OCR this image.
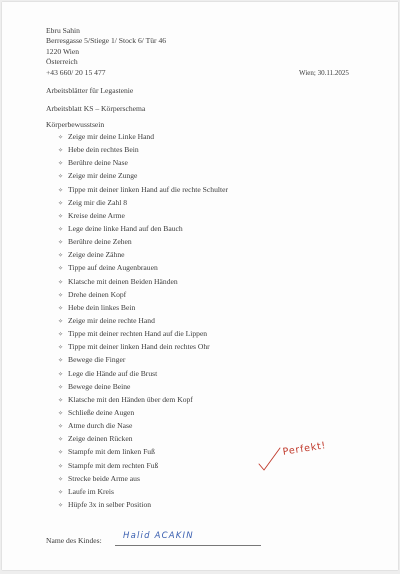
Ebru Sahin
Berresgasse 5/Stiege 1/ Stock 6/ Tür 46
1220 Wien
Österreich
+43 660/ 20 15 477	Wien; 30.11.2025
Arbeitsblätter für Legastenie
Arbeitsblatt KS – Körperschema
Körperbewusstsein
✧ Zeige mir deine Linke Hand
✧ Hebe dein rechtes Bein
✧ Berühre deine Nase
✧ Zeige mir deine Zunge
✧ Tippe mit deiner linken Hand auf die rechte Schulter
✧ Zeig mir die Zahl 8
✧ Kreise deine Arme
✧ Lege deine linke Hand auf den Bauch
✧ Berühre deine Zehen
✧ Zeige deine Zähne
✧ Tippe auf deine Augenbrauen
✧ Klatsche mit deinen Beiden Händen
✧ Drehe deinen Kopf
✧ Hebe dein linkes Bein
✧ Zeige mir deine rechte Hand
✧ Tippe mit deiner rechten Hand auf die Lippen
✧ Tippe mit deiner linken Hand dein rechtes Ohr
✧ Bewege die Finger
✧ Lege die Hände auf die Brust
✧ Bewege deine Beine
✧ Klatsche mit den Händen über dem Kopf
✧ Schließe deine Augen
✧ Atme durch die Nase
✧ Zeige deinen Rücken
✧ Stampfe mit dem linken Fuß
✧ Stampfe mit dem rechten Fuß
✧ Strecke beide Arme aus
✧ Laufe im Kreis
✧ Hüpfe 3x in selber Position
Perfekt!
Name des Kindes:	Halid ACAKIN
